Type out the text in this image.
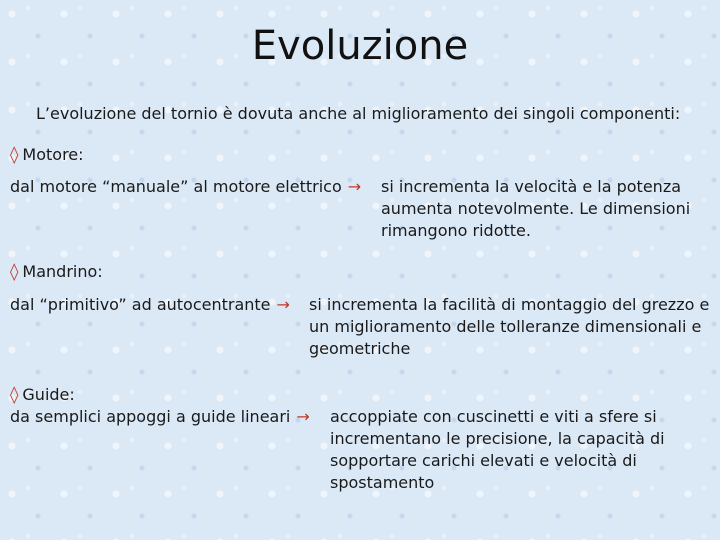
Evoluzione
L’evoluzione del tornio è dovuta anche al miglioramento dei singoli componenti:
◊ Motore:
dal motore “manuale” al motore elettrico →	si incrementa la velocità e la potenza aumenta notevolmente. Le dimensioni rimangono ridotte.
◊ Mandrino:
dal “primitivo” ad autocentrante →	si incrementa la facilità di montaggio del grezzo e un miglioramento delle tolleranze dimensionali e geometriche
◊ Guide:
da semplici appoggi a guide lineari →	accoppiate con cuscinetti e viti a sfere si incrementano le precisione, la capacità di sopportare carichi elevati e velocità di spostamento
